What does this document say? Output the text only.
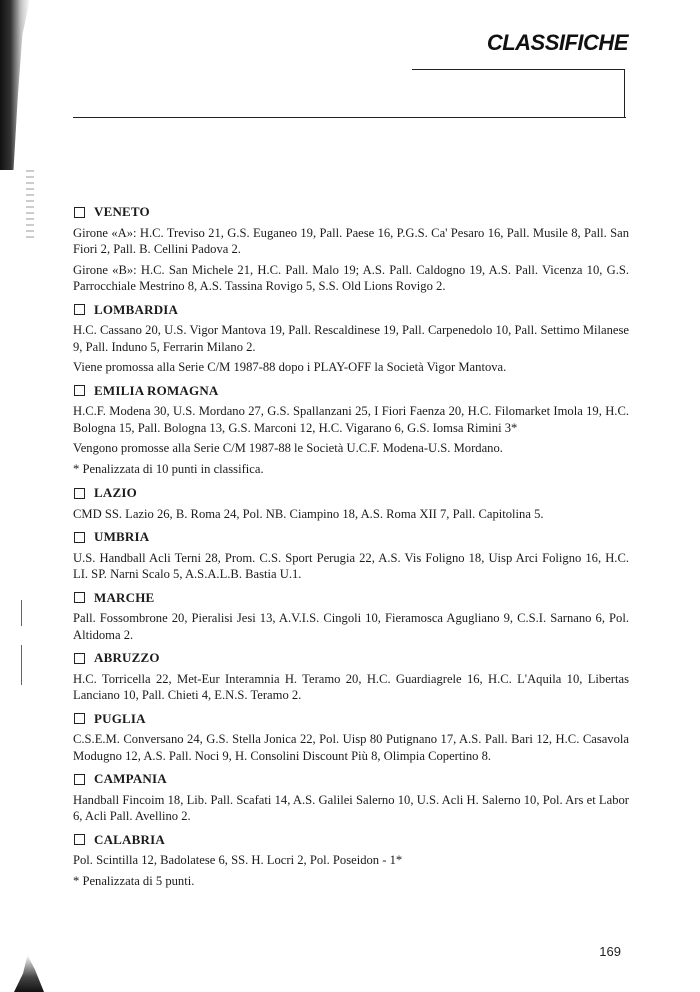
CLASSIFICHE
VENETO

Girone «A»: H.C. Treviso 21, G.S. Euganeo 19, Pall. Paese 16, P.G.S. Ca' Pesaro 16, Pall. Musile 8, Pall. San Fiori 2, Pall. B. Cellini Padova 2.

Girone «B»: H.C. San Michele 21, H.C. Pall. Malo 19; A.S. Pall. Caldogno 19, A.S. Pall. Vicenza 10, G.S. Parrocchiale Mestrino 8, A.S. Tassina Rovigo 5, S.S. Old Lions Rovigo 2.

LOMBARDIA

H.C. Cassano 20, U.S. Vigor Mantova 19, Pall. Rescaldinese 19, Pall. Carpenedolo 10, Pall. Settimo Milanese 9, Pall. Induno 5, Ferrarin Milano 2.

Viene promossa alla Serie C/M 1987-88 dopo i PLAY-OFF la Società Vigor Mantova.

EMILIA ROMAGNA

H.C.F. Modena 30, U.S. Mordano 27, G.S. Spallanzani 25, I Fiori Faenza 20, H.C. Filomarket Imola 19, H.C. Bologna 15, Pall. Bologna 13, G.S. Marconi 12, H.C. Vigarano 6, G.S. Iomsa Rimini 3*

Vengono promosse alla Serie C/M 1987-88 le Società U.C.F. Modena-U.S. Mordano.

* Penalizzata di 10 punti in classifica.

LAZIO

CMD SS. Lazio 26, B. Roma 24, Pol. NB. Ciampino 18, A.S. Roma XII 7, Pall. Capitolina 5.

UMBRIA

U.S. Handball Acli Terni 28, Prom. C.S. Sport Perugia 22, A.S. Vis Foligno 18, Uisp Arci Foligno 16, H.C. LI. SP. Narni Scalo 5, A.S.A.L.B. Bastia U.1.

MARCHE

Pall. Fossombrone 20, Pieralisi Jesi 13, A.V.I.S. Cingoli 10, Fieramosca Agugliano 9, C.S.I. Sarnano 6, Pol. Altidoma 2.

ABRUZZO

H.C. Torricella 22, Met-Eur Interamnia H. Teramo 20, H.C. Guardiagrele 16, H.C. L'Aquila 10, Libertas Lanciano 10, Pall. Chieti 4, E.N.S. Teramo 2.

PUGLIA

C.S.E.M. Conversano 24, G.S. Stella Jonica 22, Pol. Uisp 80 Putignano 17, A.S. Pall. Bari 12, H.C. Casavola Modugno 12, A.S. Pall. Noci 9, H. Consolini Discount Più 8, Olimpia Copertino 8.

CAMPANIA

Handball Fincoim 18, Lib. Pall. Scafati 14, A.S. Galilei Salerno 10, U.S. Acli H. Salerno 10, Pol. Ars et Labor 6, Acli Pall. Avellino 2.

CALABRIA

Pol. Scintilla 12, Badolatese 6, SS. H. Locri 2, Pol. Poseidon - 1*

* Penalizzata di 5 punti.

169
